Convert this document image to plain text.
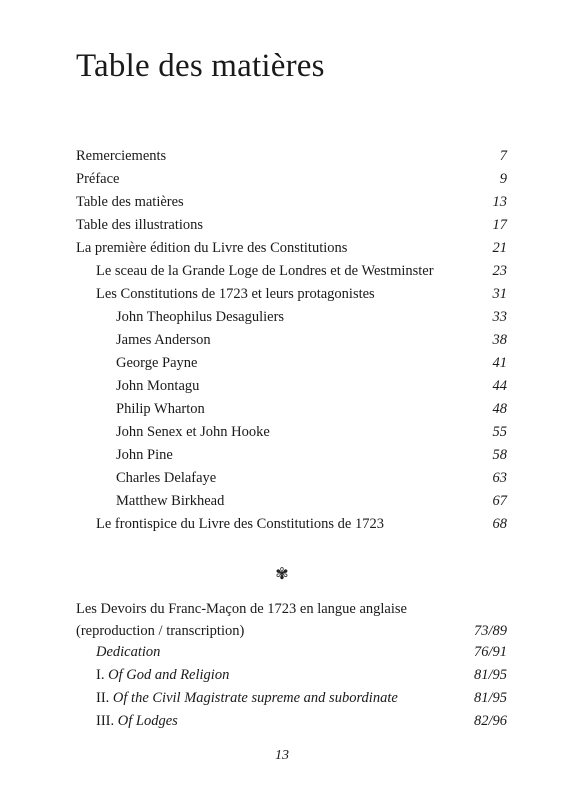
Table des matières
Remerciements	7
Préface	9
Table des matières	13
Table des illustrations	17
La première édition du Livre des Constitutions	21
Le sceau de la Grande Loge de Londres et de Westminster	23
Les Constitutions de 1723 et leurs protagonistes	31
John Theophilus Desaguliers	33
James Anderson	38
George Payne	41
John Montagu	44
Philip Wharton	48
John Senex et John Hooke	55
John Pine	58
Charles Delafaye	63
Matthew Birkhead	67
Le frontispice du Livre des Constitutions de 1723	68
✾
Les Devoirs du Franc-Maçon de 1723 en langue anglaise
(reproduction / transcription)	73/89
Dedication	76/91
I. Of God and Religion	81/95
II. Of the Civil Magistrate supreme and subordinate	81/95
III. Of Lodges	82/96
13
